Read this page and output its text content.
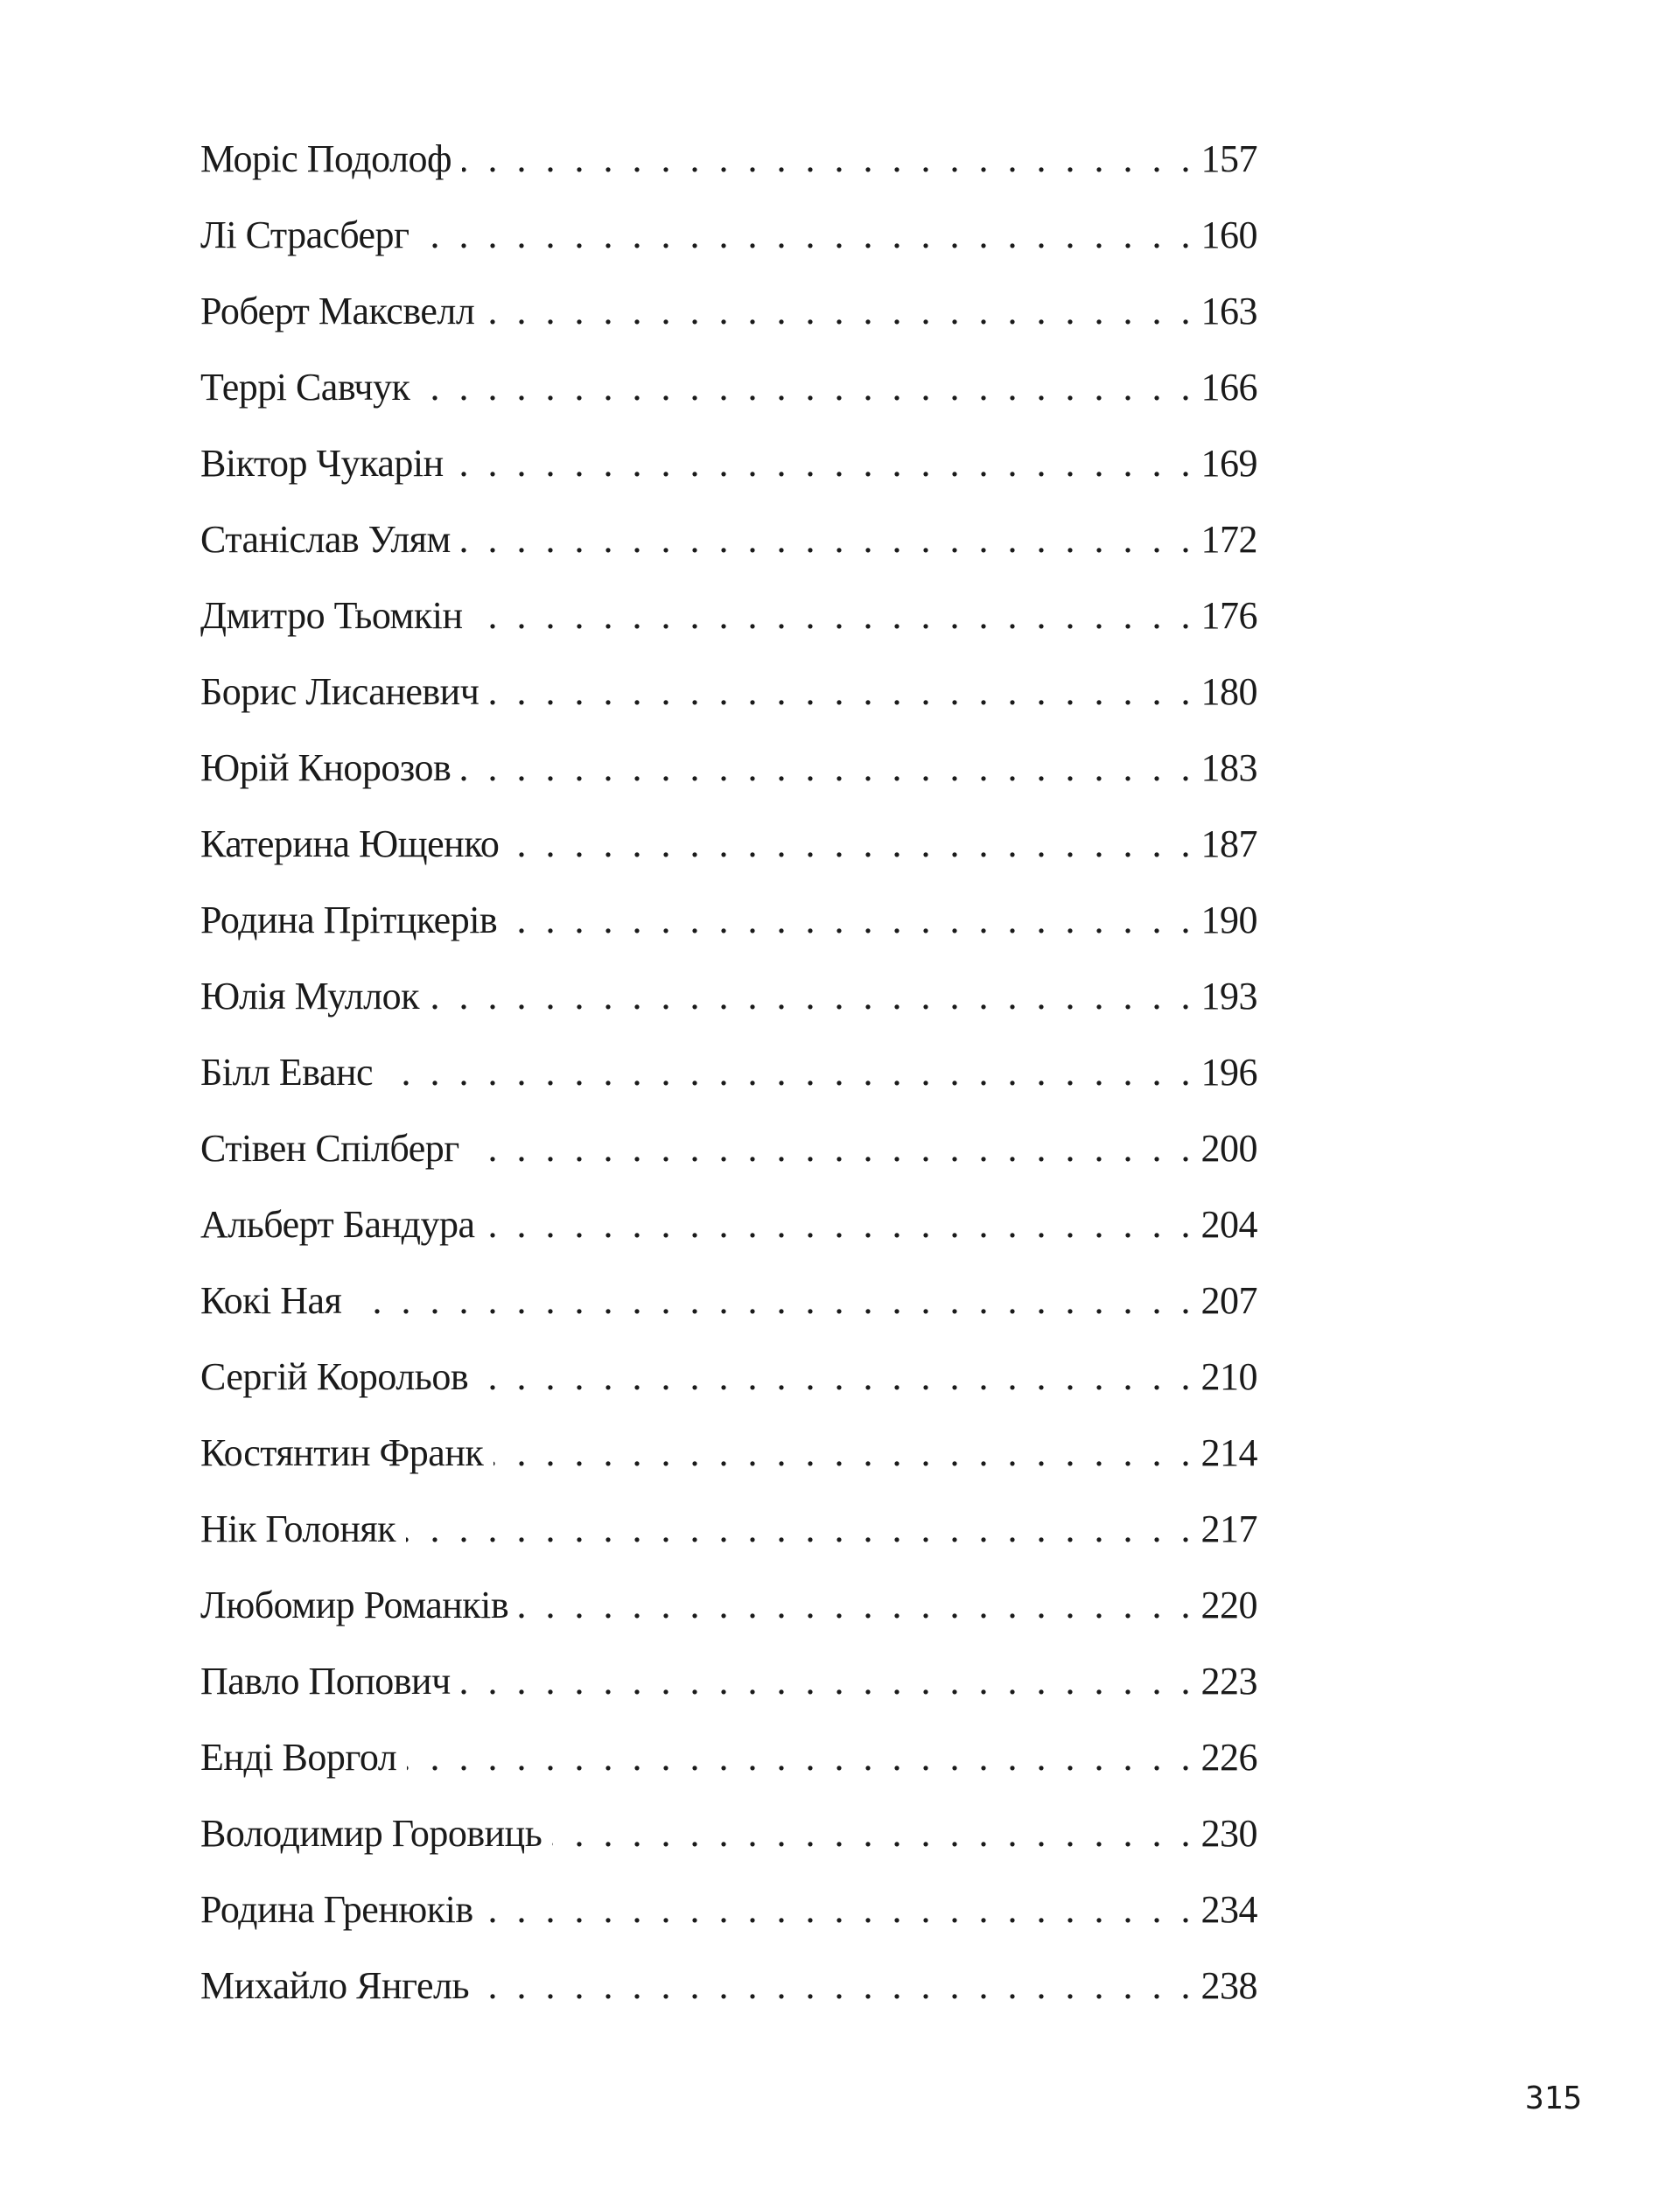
Моріс Подолоф . . .	157
Лі Страсберг . . .	160
Роберт Максвелл . . .	163
Террі Савчук . . .	166
Віктор Чукарін . . .	169
Станіслав Улям . . .	172
Дмитро Тьомкін . . .	176
Борис Лисаневич . . .	180
Юрій Кнорозов . . .	183
Катерина Ющенко . . .	187
Родина Прітцкерів . . .	190
Юлія Муллок . . .	193
Білл Еванс . . .	196
Стівен Спілберг . . .	200
Альберт Бандура . . .	204
Кокі Ная . . .	207
Сергій Корольов . . .	210
Костянтин Франк . . .	214
Нік Голоняк . . .	217
Любомир Романків . . .	220
Павло Попович . . .	223
Енді Воргол . . .	226
Володимир Горовиць . . .	230
Родина Гренюків . . .	234
Михайло Янгель . . .	238
315
